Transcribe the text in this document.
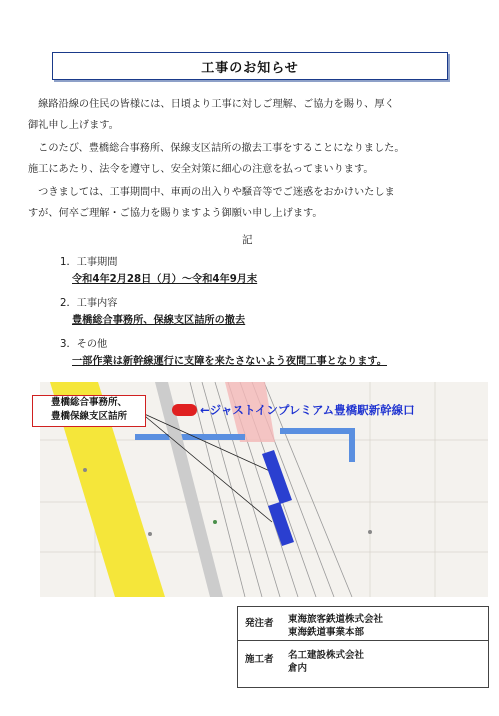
工事のお知らせ
　線路沿線の住民の皆様には、日頃より工事に対しご理解、ご協力を賜り、厚く
御礼申し上げます。
　このたび、豊橋総合事務所、保線支区詰所の撤去工事をすることになりました。
施工にあたり、法令を遵守し、安全対策に細心の注意を払ってまいります。
　つきましては、工事期間中、車両の出入りや騒音等でご迷惑をおかけいたしま
すが、何卒ご理解・ご協力を賜りますよう御願い申し上げます。
記
1．工事期間
令和4年2月28日（月）～令和4年9月末
2．工事内容
豊橋総合事務所、保線支区詰所の撤去
3．その他
一部作業は新幹線運行に支障を来たさないよう夜間工事となります。
豊橋総合事務所、
豊橋保線支区詰所	←ジャストインプレミアム豊橋駅新幹線口
発注者 東海旅客鉄道株式会社
東海鉄道事業本部
施工者 名工建設株式会社
倉内
